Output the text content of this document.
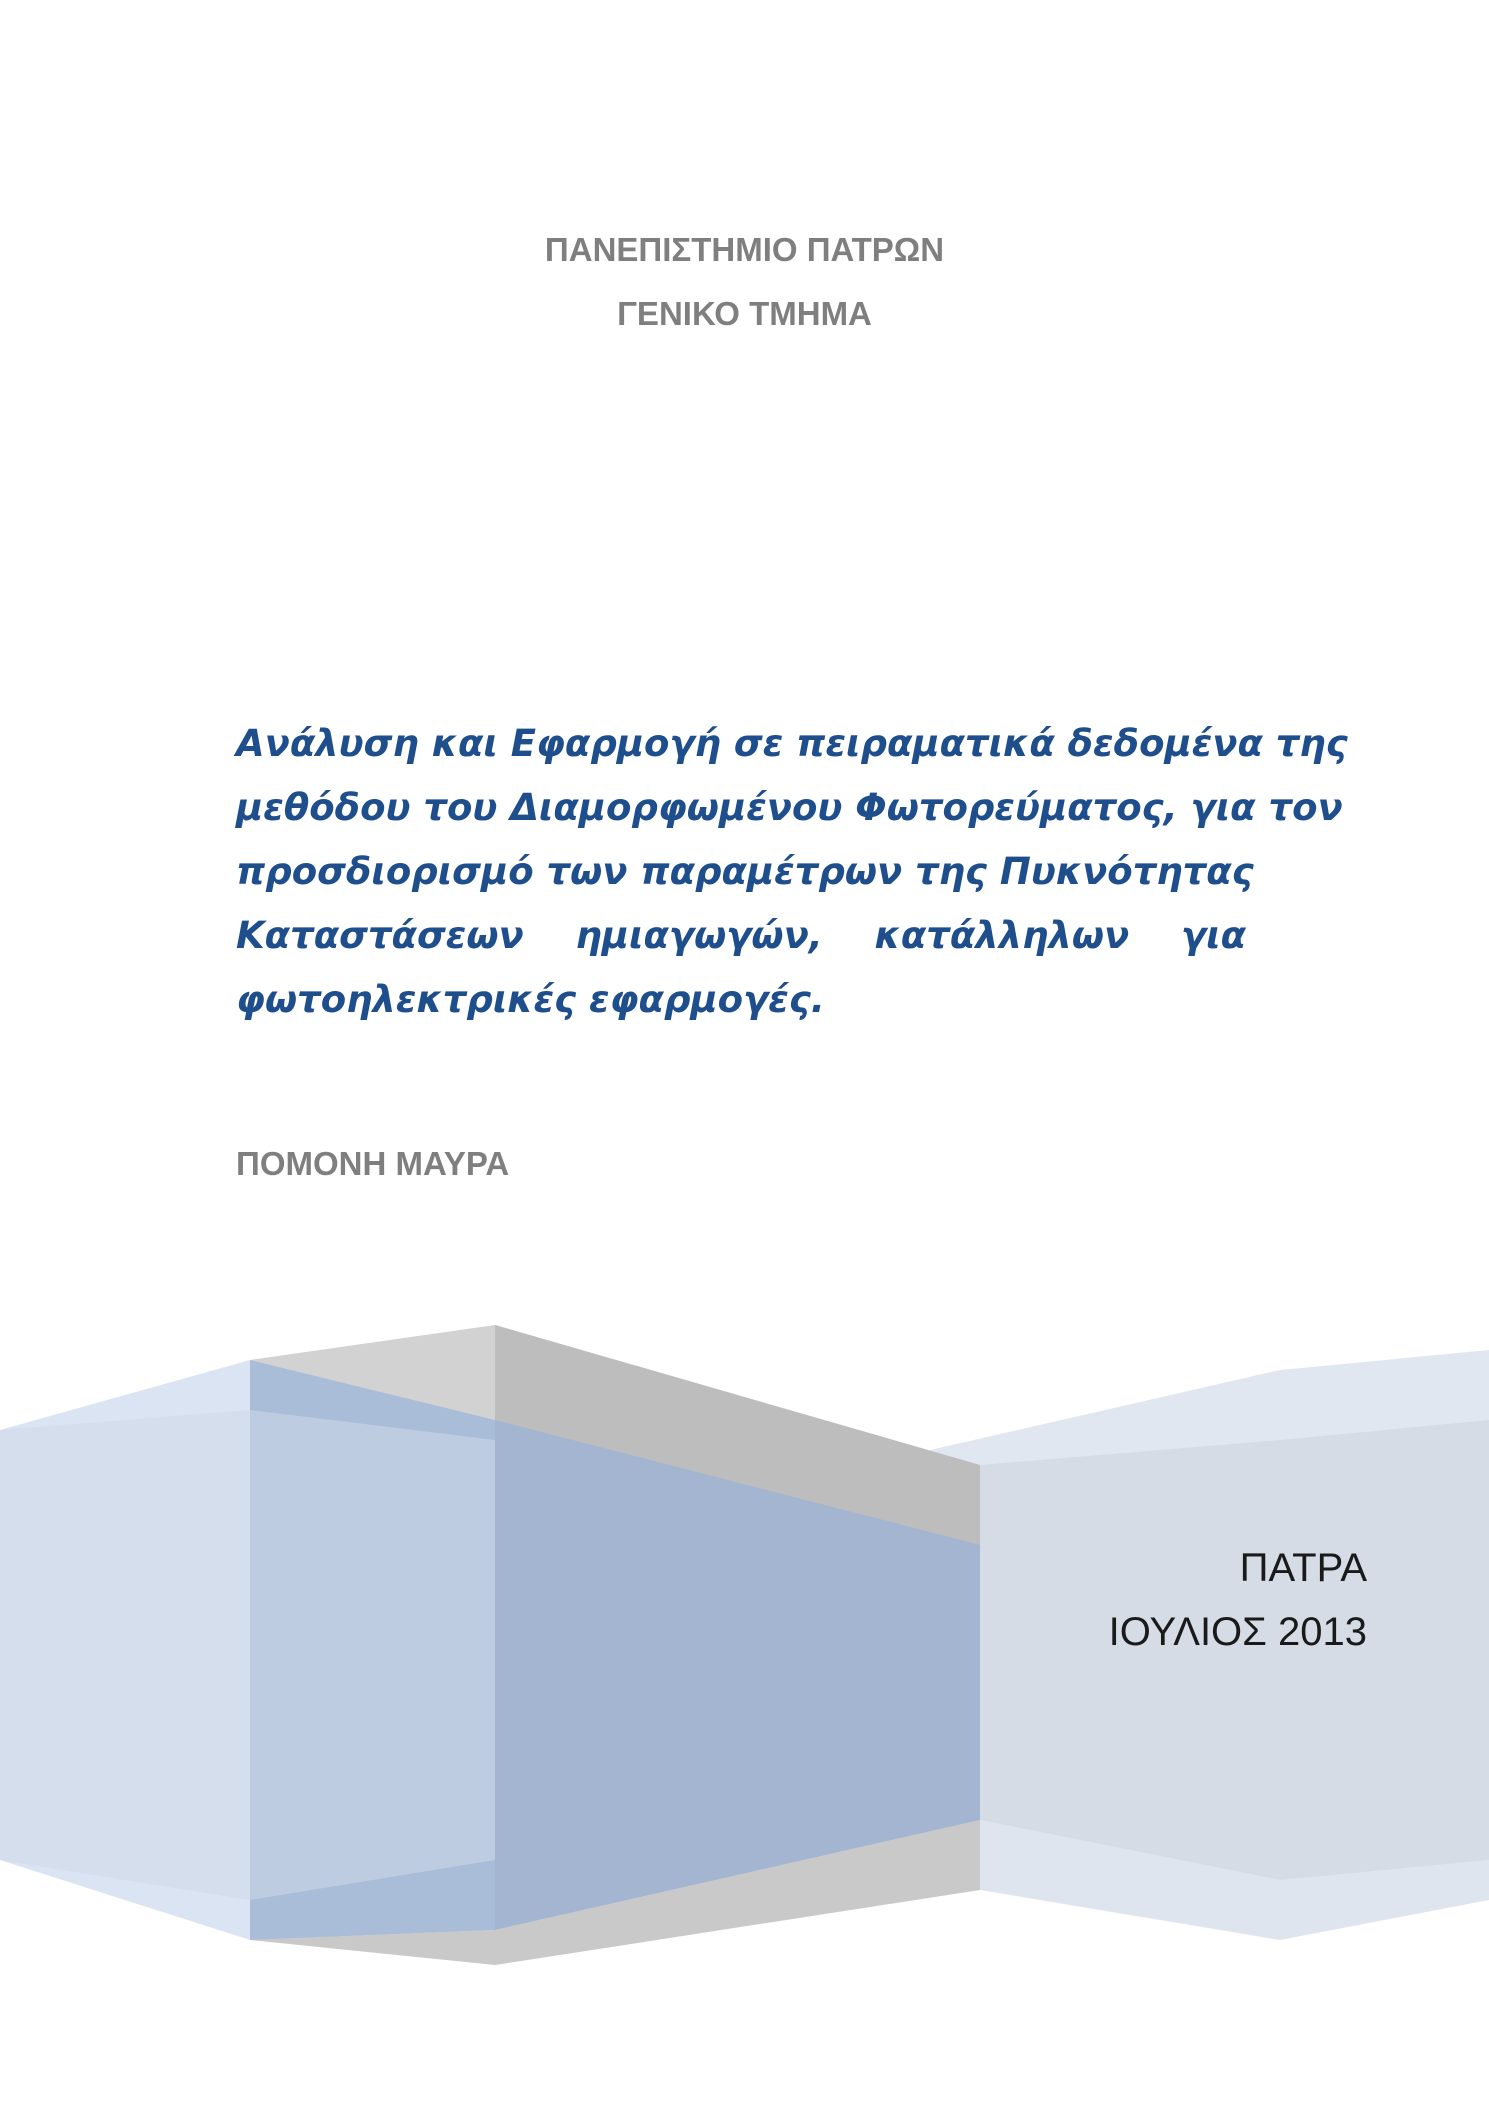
ΠΑΝΕΠΙΣΤΗΜΙΟ ΠΑΤΡΩΝ
ΓΕΝΙΚΟ ΤΜΗΜΑ
Ανάλυση και Εφαρμογή σε πειραματικά δεδομένα της
μεθόδου του Διαμορφωμένου Φωτορεύματος, για τον
προσδιορισμό των παραμέτρων της Πυκνότητας
Καταστάσεων ημιαγωγών, κατάλληλων για
φωτοηλεκτρικές εφαρμογές.
ΠΟΜΟΝΗ ΜΑΥΡΑ
ΠΑΤΡΑ
ΙΟΥΛΙΟΣ 2013
